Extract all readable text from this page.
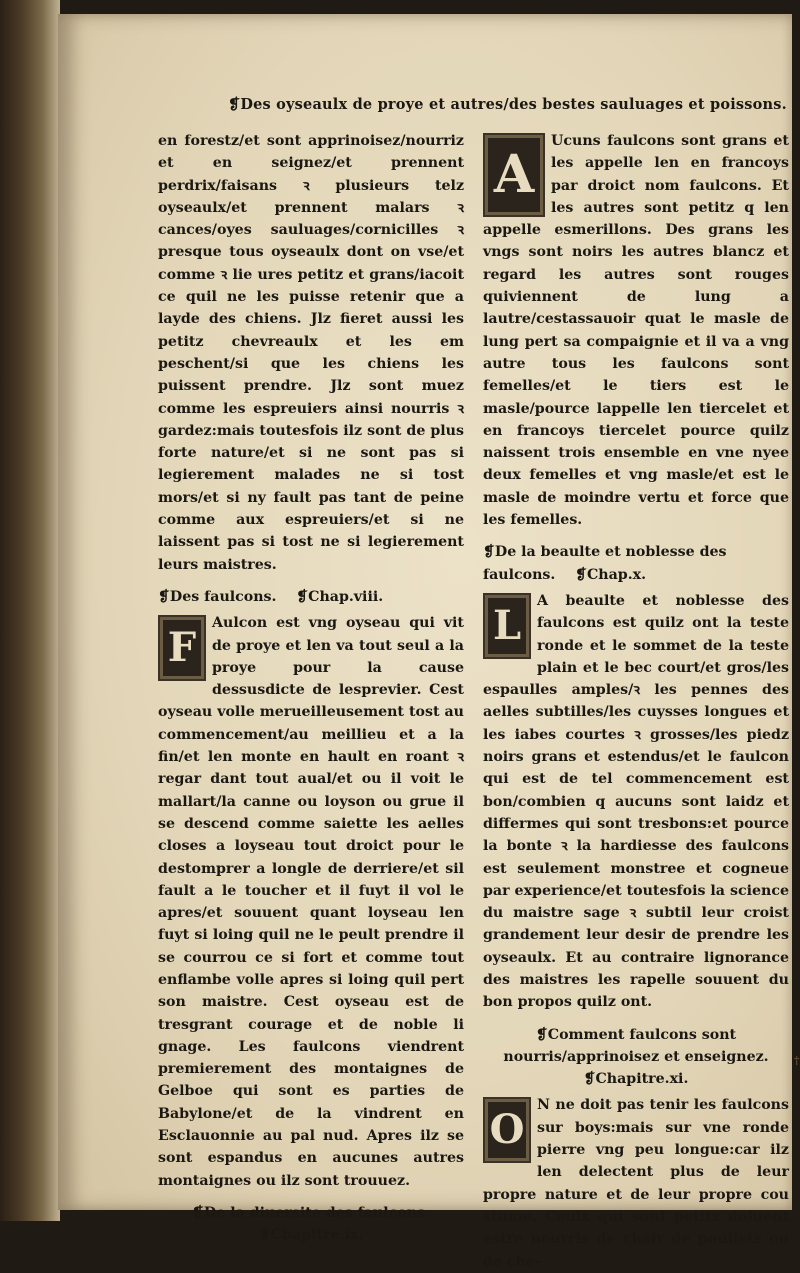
❡Des oyseaulx de proye et autres/des bestes sauluages et poissons.

en forestz/et sont apprinoisez/nourriz et en seignez/et prennent perdrix/faisans ꝛ plusieurs telz oyseaulx/et prennent malars ꝛ cances/oyes sauluages/cornicilles ꝛ presque tous oyseaulx dont on vse/et comme ꝛ lie ures petitz et grans/iacoit ce quil ne les puisse retenir que a layde des chiens. Jlz fieret aussi les petitz chevreaulx et les em peschent/si que les chiens les puissent prendre. Jlz sont muez comme les espreuiers ainsi nourris ꝛ gardez:mais toutesfois ilz sont de plus forte nature/et si ne sont pas si legierement malades ne si tost mors/et si ny fault pas tant de peine comme aux espreuiers/et si ne laissent pas si tost ne si legierement leurs maistres.

❡Des faulcons. ❡Chap.viii.

F
Aulcon est vng oyseau qui vit de proye et len va tout seul a la proye pour la cause dessusdicte de lesprevier. Cest oyseau volle merueilleusement tost au commencement/au meillieu et a la fin/et len monte en hault en roant ꝛ regar dant tout aual/et ou il voit le mallart/la canne ou loyson ou grue il se descend comme saiette les aelles closes a loyseau tout droict pour le destomprer a longle de derriere/et sil fault a le toucher et il fuyt il vol le apres/et souuent quant loyseau len fuyt si loing quil ne le peult prendre il se courrou ce si fort et comme tout enflambe volle apres si loing quil pert son maistre. Cest oyseau est de tresgrant courage et de noble li gnage. Les faulcons viendrent premierement des montaignes de Gelboe qui sont es parties de Babylone/et de la vindrent en Esclauonnie au pal nud. Apres ilz se sont espandus en aucunes autres montaignes ou ilz sont trouuez.

❡De la diuersite des faulcons.
❡Chapitre.ix.

A
Ucuns faulcons sont grans et les appelle len en francoys par droict nom faulcons. Et les autres sont petitz q len appelle esmerillons. Des grans les vngs sont noirs les autres blancz et regard les autres sont rouges quiviennent de lung a lautre/cestassauoir quat le masle de lung pert sa compaignie et il va a vng autre tous les faulcons sont femelles/et le tiers est le masle/pource lappelle len tiercelet et en francoys tiercelet pource quilz naissent trois ensemble en vne nyee deux femelles et vng masle/et est le masle de moindre vertu et force que les femelles.

❡De la beaulte et noblesse des faulcons. ❡Chap.x.

L
A beaulte et noblesse des faulcons est quilz ont la teste ronde et le sommet de la teste plain et le bec court/et gros/les espaulles amples/ꝛ les pennes des aelles subtilles/les cuysses longues et les iabes courtes ꝛ grosses/les piedz noirs grans et estendus/et le faulcon qui est de tel commencement est bon/combien q aucuns sont laidz et differmes qui sont tresbons:et pource la bonte ꝛ la hardiesse des faulcons est seulement monstree et cogneue par experience/et toutesfois la science du maistre sage ꝛ subtil leur croist grandement leur desir de prendre les oyseaulx. Et au contraire lignorance des maistres les rapelle souuent du bon propos quilz ont.

❡Comment faulcons sont nourris/apprinoisez et enseignez.
❡Chapitre.xi.

O
N ne doit pas tenir les faulcons sur boys:mais sur vne ronde pierre vng peu longue:car ilz len delectent plus de leur propre nature et de leur propre cou stume. Ceulx qui sont petitz doiuent estre nourris de chair de poullets ou de che-

†
